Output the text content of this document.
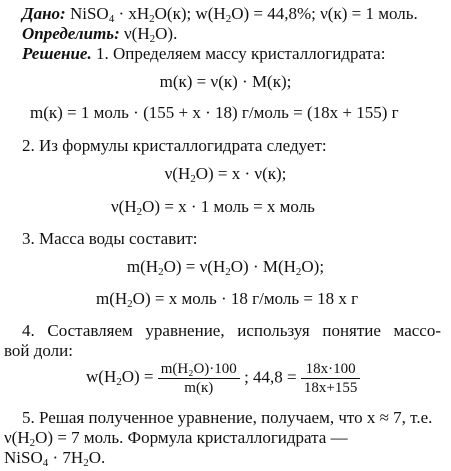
Дано: NiSO$_4$ · $xH_2O(к)$; $w(H_2O) = 44,8\%$; ν(к) = 1 моль.
Определить: $\nu(H_2O)$.
Решение. 1. Определяем массу кристаллогидрата:
m(к) = ν(к) · M(к);
m(к) = 1 моль · (155 + x · 18) г/моль = (18x + 155) г
2. Из формулы кристаллогидрата следует:
$\nu(H_2O) = x \cdot \nu(к)$;
$\nu(H_2O) = x \cdot 1$ моль = x моль
3. Масса воды составит:
$m(H_2O) = \nu(H_2O) \cdot M(H_2O)$;
$m(H_2O) = x$ моль · 18 г/моль = 18 x г
4. Составляем уравнение, используя понятие массо-
вой доли:
$w(H_2O) = \frac{\text{m(H₂O)·100}}{m(к)}$ ; $44,8 = \frac{18x\cdot 100}{18x+155}$
5. Решая полученное уравнение, получаем, что x ≈ 7, т.е.
$\nu(H_2O) = 7$ моль. Формула кристаллогидрата —
NiSO$_4$ · $7H_2O$.
